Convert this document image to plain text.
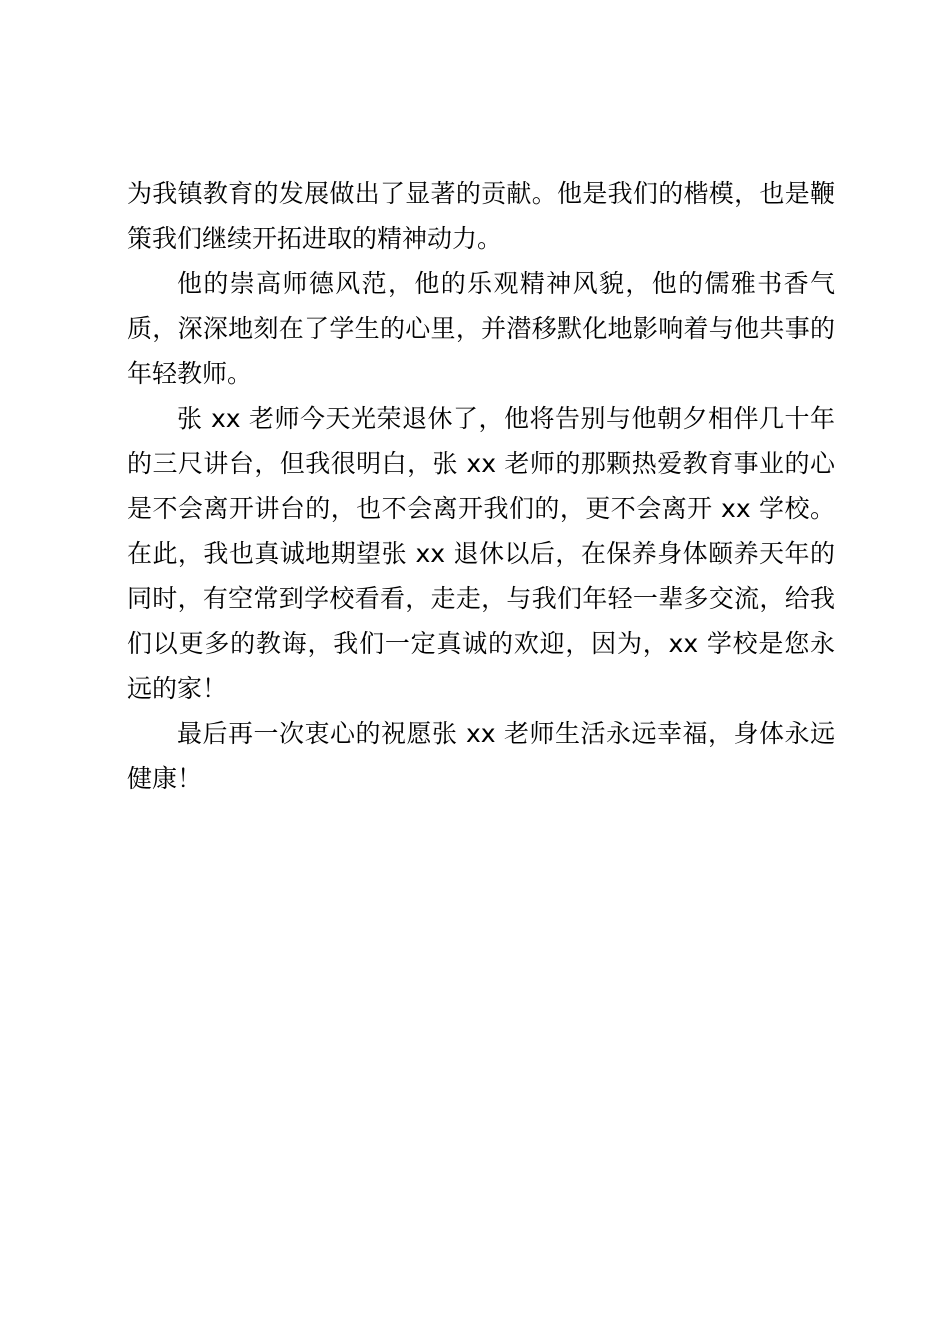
为我镇教育的发展做出了显著的贡献。他是我们的楷模，也是鞭策我们继续开拓进取的精神动力。

他的崇高师德风范，他的乐观精神风貌，他的儒雅书香气质，深深地刻在了学生的心里，并潜移默化地影响着与他共事的年轻教师。

张 xx 老师今天光荣退休了，他将告别与他朝夕相伴几十年的三尺讲台，但我很明白，张 xx 老师的那颗热爱教育事业的心是不会离开讲台的，也不会离开我们的，更不会离开 xx 学校。在此，我也真诚地期望张 xx 退休以后，在保养身体颐养天年的同时，有空常到学校看看，走走，与我们年轻一辈多交流，给我们以更多的教诲，我们一定真诚的欢迎，因为，xx 学校是您永远的家！

最后再一次衷心的祝愿张 xx 老师生活永远幸福，身体永远健康！
